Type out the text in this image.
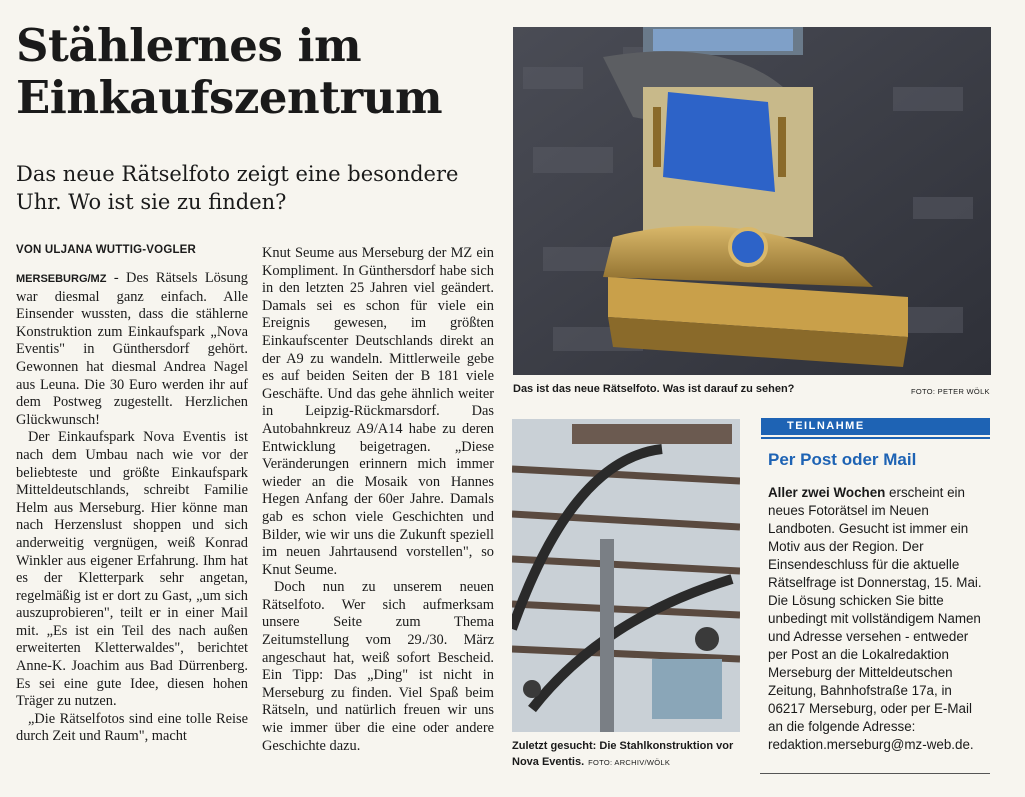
Stählernes im
Einkaufszentrum

Das neue Rätselfoto zeigt eine besondere
Uhr. Wo ist sie zu finden?

VON ULJANA WUTTIG-VOGLER

MERSEBURG/MZ - Des Rätsels Lösung war diesmal ganz einfach. Alle Einsender wussten, dass die stählerne Konstruktion zum Einkaufspark „Nova Eventis" in Günthersdorf gehört. Gewonnen hat diesmal Andrea Nagel aus Leuna. Die 30 Euro werden ihr auf dem Postweg zugestellt. Herzlichen Glückwunsch!

Der Einkaufspark Nova Eventis ist nach dem Umbau nach wie vor der beliebteste und größte Einkaufspark Mitteldeutschlands, schreibt Familie Helm aus Merseburg. Hier könne man nach Herzenslust shoppen und sich anderweitig vergnügen, weiß Konrad Winkler aus eigener Erfahrung. Ihm hat es der Kletterpark sehr angetan, regelmäßig ist er dort zu Gast, „um sich auszuprobieren", teilt er in einer Mail mit. „Es ist ein Teil des nach außen erweiterten Kletterwaldes", berichtet Anne-K. Joachim aus Bad Dürrenberg. Es sei eine gute Idee, diesen hohen Träger zu nutzen.

„Die Rätselfotos sind eine tolle Reise durch Zeit und Raum", macht

Knut Seume aus Merseburg der MZ ein Kompliment. In Günthersdorf habe sich in den letzten 25 Jahren viel geändert. Damals sei es schon für viele ein Ereignis gewesen, im größten Einkaufscenter Deutschlands direkt an der A9 zu wandeln. Mittlerweile gebe es auf beiden Seiten der B 181 viele Geschäfte. Und das gehe ähnlich weiter in Leipzig-Rückmarsdorf. Das Autobahnkreuz A9/A14 habe zu deren Entwicklung beigetragen. „Diese Veränderungen erinnern mich immer wieder an die Mosaik von Hannes Hegen Anfang der 60er Jahre. Damals gab es schon viele Geschichten und Bilder, wie wir uns die Zukunft speziell im neuen Jahrtausend vorstellen", so Knut Seume.

Doch nun zu unserem neuen Rätselfoto. Wer sich aufmerksam unsere Seite zum Thema Zeitumstellung vom 29./30. März angeschaut hat, weiß sofort Bescheid. Ein Tipp: Das „Ding" ist nicht in Merseburg zu finden. Viel Spaß beim Rätseln, und natürlich freuen wir uns wie immer über die eine oder andere Geschichte dazu.

Das ist das neue Rätselfoto. Was ist darauf zu sehen?	FOTO: PETER WÖLK
Zuletzt gesucht: Die Stahlkonstruktion vor Nova Eventis. FOTO: ARCHIV/WÖLK
TEILNAHME
Per Post oder Mail

Aller zwei Wochen erscheint ein neues Fotorätsel im Neuen Landboten. Gesucht ist immer ein Motiv aus der Region. Der Einsendeschluss für die aktuelle Rätselfrage ist Donnerstag, 15. Mai. Die Lösung schicken Sie bitte unbedingt mit vollständigem Namen und Adresse versehen - entweder per Post an die Lokalredaktion Merseburg der Mitteldeutschen Zeitung, Bahnhofstraße 17a, in 06217 Merseburg, oder per E-Mail an die folgende Adresse: redaktion.merseburg@mz-web.de.
